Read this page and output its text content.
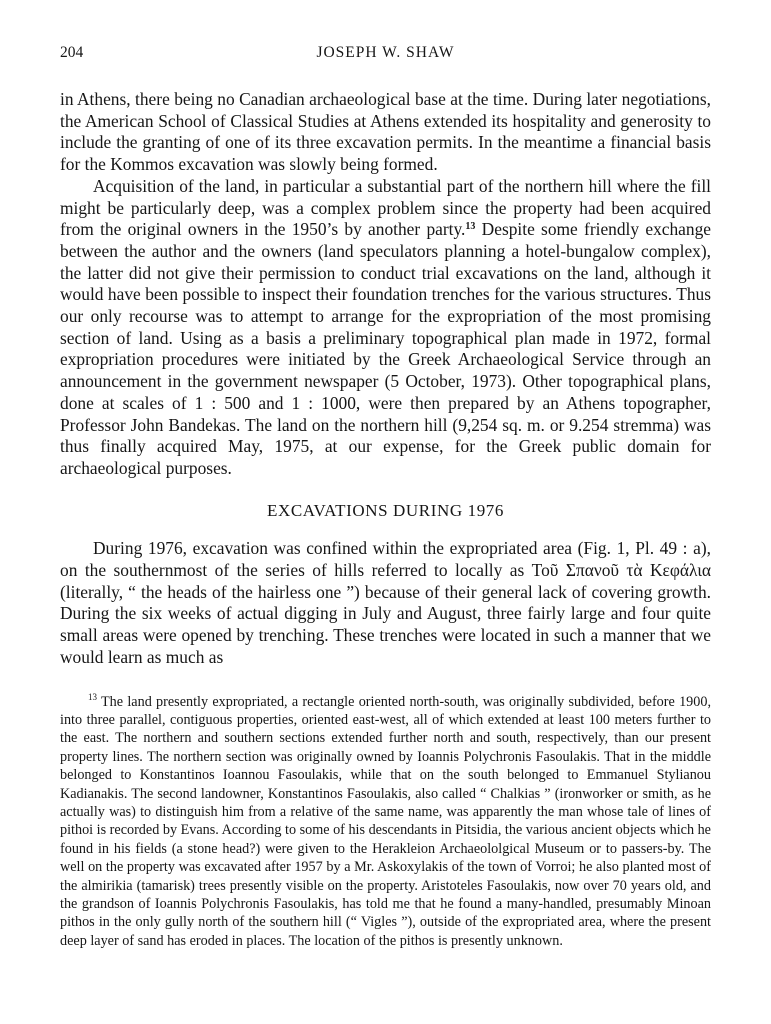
204	JOSEPH W. SHAW

in Athens, there being no Canadian archaeological base at the time. During later negotiations, the American School of Classical Studies at Athens extended its hospitality and generosity to include the granting of one of its three excavation permits. In the meantime a financial basis for the Kommos excavation was slowly being formed.

Acquisition of the land, in particular a substantial part of the northern hill where the fill might be particularly deep, was a complex problem since the property had been acquired from the original owners in the 1950’s by another party.$^{13}$ Despite some friendly exchange between the author and the owners (land speculators planning a hotel-bungalow complex), the latter did not give their permission to conduct trial excavations on the land, although it would have been possible to inspect their foundation trenches for the various structures. Thus our only recourse was to attempt to arrange for the expropriation of the most promising section of land. Using as a basis a preliminary topographical plan made in 1972, formal expropriation procedures were initiated by the Greek Archaeological Service through an announcement in the government newspaper (5 October, 1973). Other topographical plans, done at scales of 1 : 500 and 1 : 1000, were then prepared by an Athens topographer, Professor John Bandekas. The land on the northern hill (9,254 sq. m. or 9.254 stremma) was thus finally acquired May, 1975, at our expense, for the Greek public domain for archaeological purposes.

EXCAVATIONS DURING 1976

During 1976, excavation was confined within the expropriated area (Fig. 1, Pl. 49 : a), on the southernmost of the series of hills referred to locally as Τοῦ Σπανοῦ τὰ Κεφάλια (literally, “ the heads of the hairless one ”) because of their general lack of covering growth. During the six weeks of actual digging in July and August, three fairly large and four quite small areas were opened by trenching. These trenches were located in such a manner that we would learn as much as

$^{13}$ The land presently expropriated, a rectangle oriented north-south, was originally subdivided, before 1900, into three parallel, contiguous properties, oriented east-west, all of which extended at least 100 meters further to the east. The northern and southern sections extended further north and south, respectively, than our present property lines. The northern section was originally owned by Ioannis Polychronis Fasoulakis. That in the middle belonged to Konstantinos Ioannou Fasoulakis, while that on the south belonged to Emmanuel Stylianou Kadianakis. The second landowner, Konstantinos Fasoulakis, also called “ Chalkias ” (ironworker or smith, as he actually was) to distinguish him from a relative of the same name, was apparently the man whose tale of lines of pithoi is recorded by Evans. According to some of his descendants in Pitsidia, the various ancient objects which he found in his fields (a stone head?) were given to the Herakleion Archaeololgical Museum or to passers-by. The well on the property was excavated after 1957 by a Mr. Askoxylakis of the town of Vorroi; he also planted most of the almirikia (tamarisk) trees presently visible on the property. Aristoteles Fasoulakis, now over 70 years old, and the grandson of Ioannis Polychronis Fasoulakis, has told me that he found a many-handled, presumably Minoan pithos in the only gully north of the southern hill (“ Vigles ”), outside of the expropriated area, where the present deep layer of sand has eroded in places. The location of the pithos is presently unknown.
